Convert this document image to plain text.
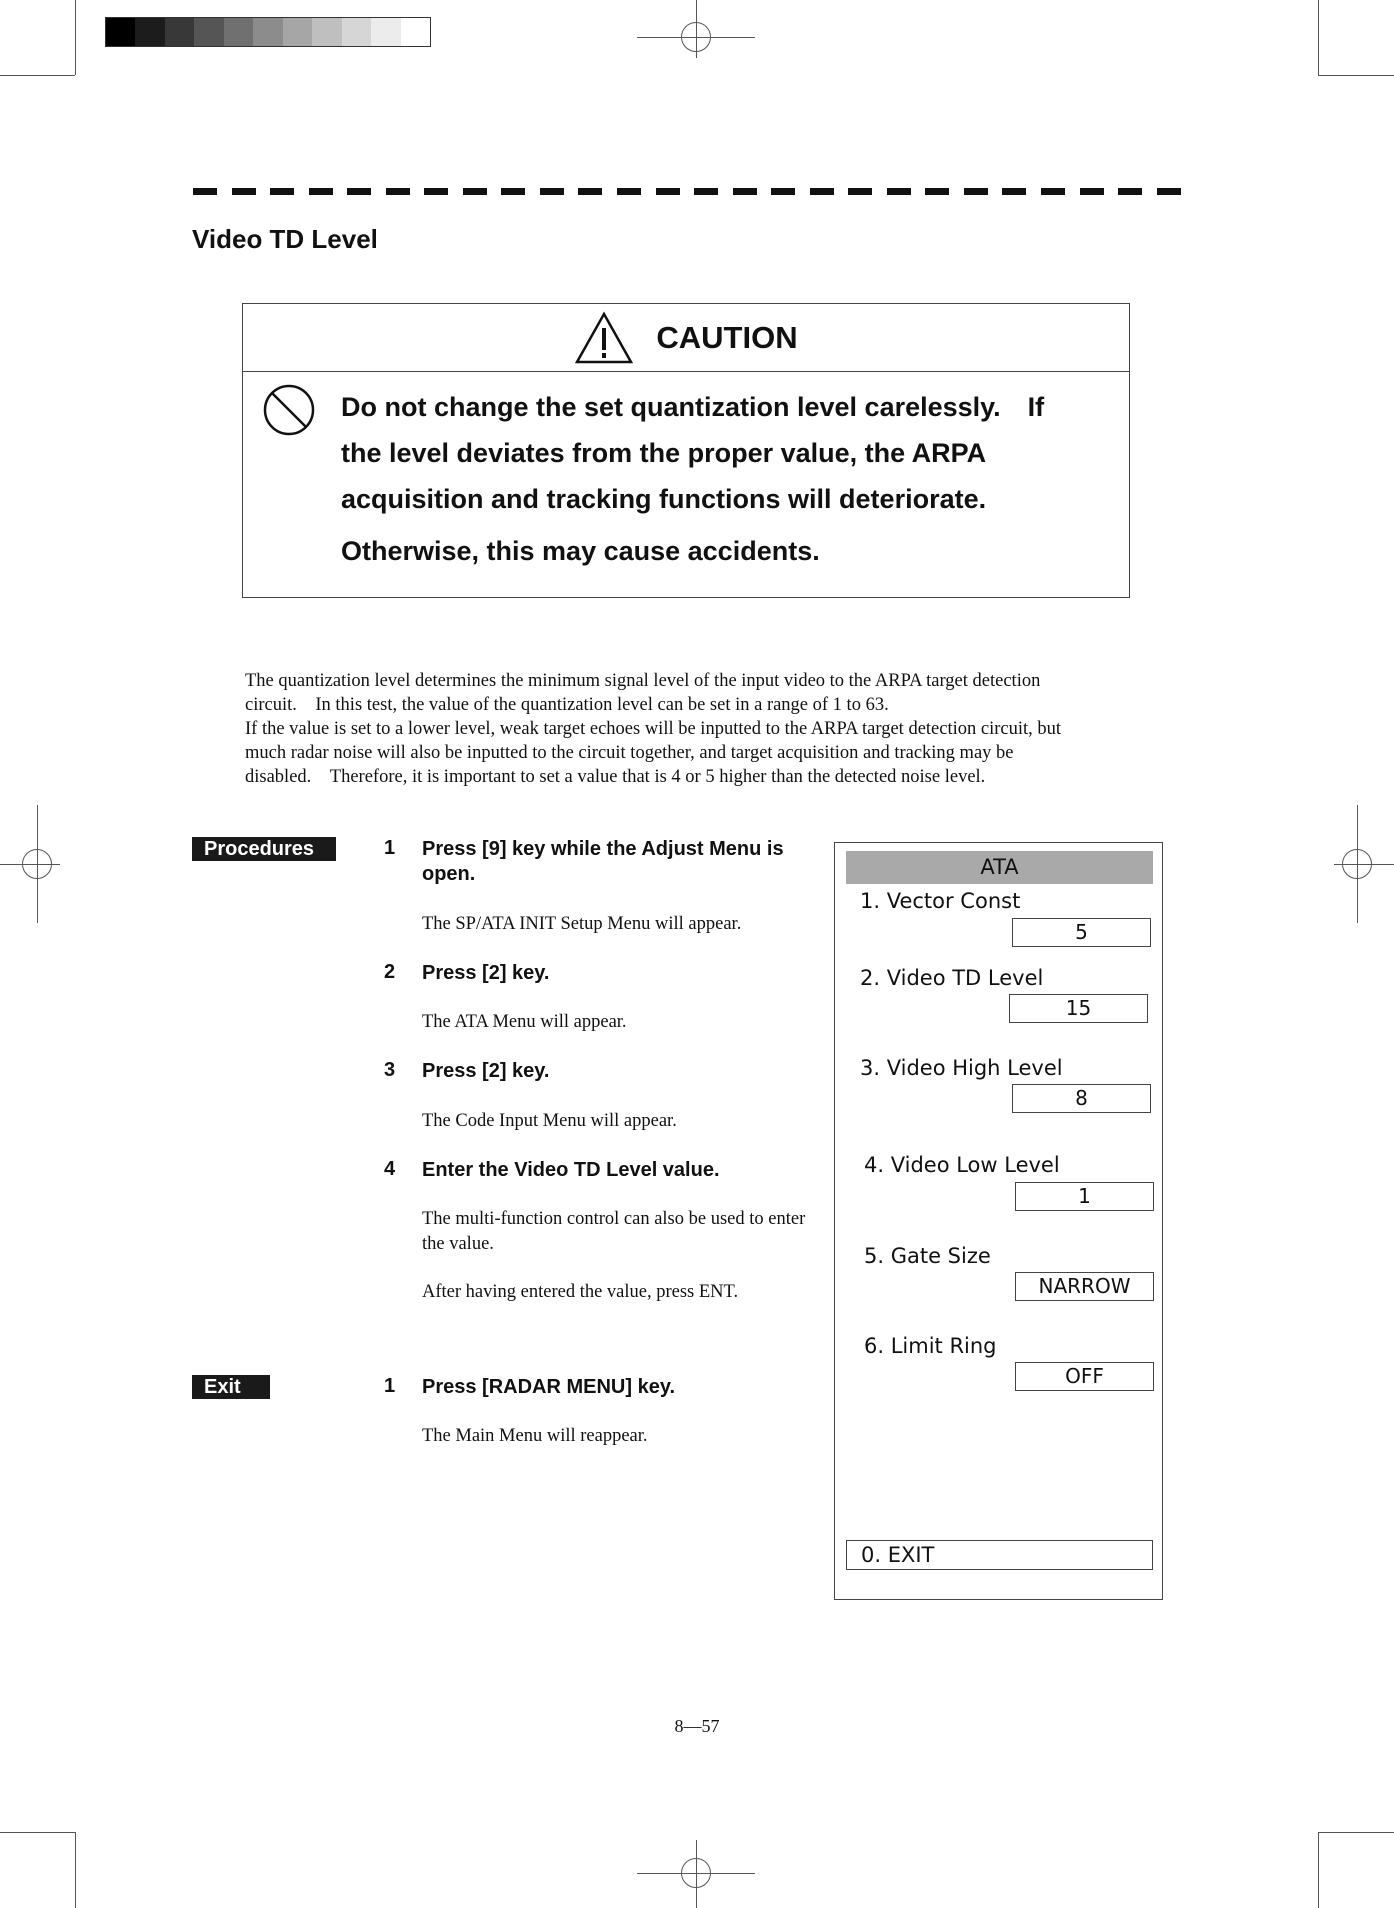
Video TD Level
CAUTION

Do not change the set quantization level carelessly.　If

the level deviates from the proper value, the ARPA

acquisition and tracking functions will deteriorate.

Otherwise, this may cause accidents.

The quantization level determines the minimum signal level of the input video to the ARPA target detection

circuit.　In this test, the value of the quantization level can be set in a range of 1 to 63.

If the value is set to a lower level, weak target echoes will be inputted to the ARPA target detection circuit, but

much radar noise will also be inputted to the circuit together, and target acquisition and tracking may be

disabled.　Therefore, it is important to set a value that is 4 or 5 higher than the detected noise level.

Procedures	1 Press [9] key while the Adjust Menu is open.
The SP/ATA INIT Setup Menu will appear.
2 Press [2] key.
The ATA Menu will appear.
3 Press [2] key.
The Code Input Menu will appear.
4 Enter the Video TD Level value.
The multi-function control can also be used to enter the value.
After having entered the value, press ENT.
Exit	1 Press [RADAR MENU] key.
The Main Menu will reappear.
ATA
1. Vector Const
5
2. Video TD Level
15
3. Video High Level
8
4. Video Low Level
1
5. Gate Size
NARROW
6. Limit Ring
OFF
0. EXIT
8—57
